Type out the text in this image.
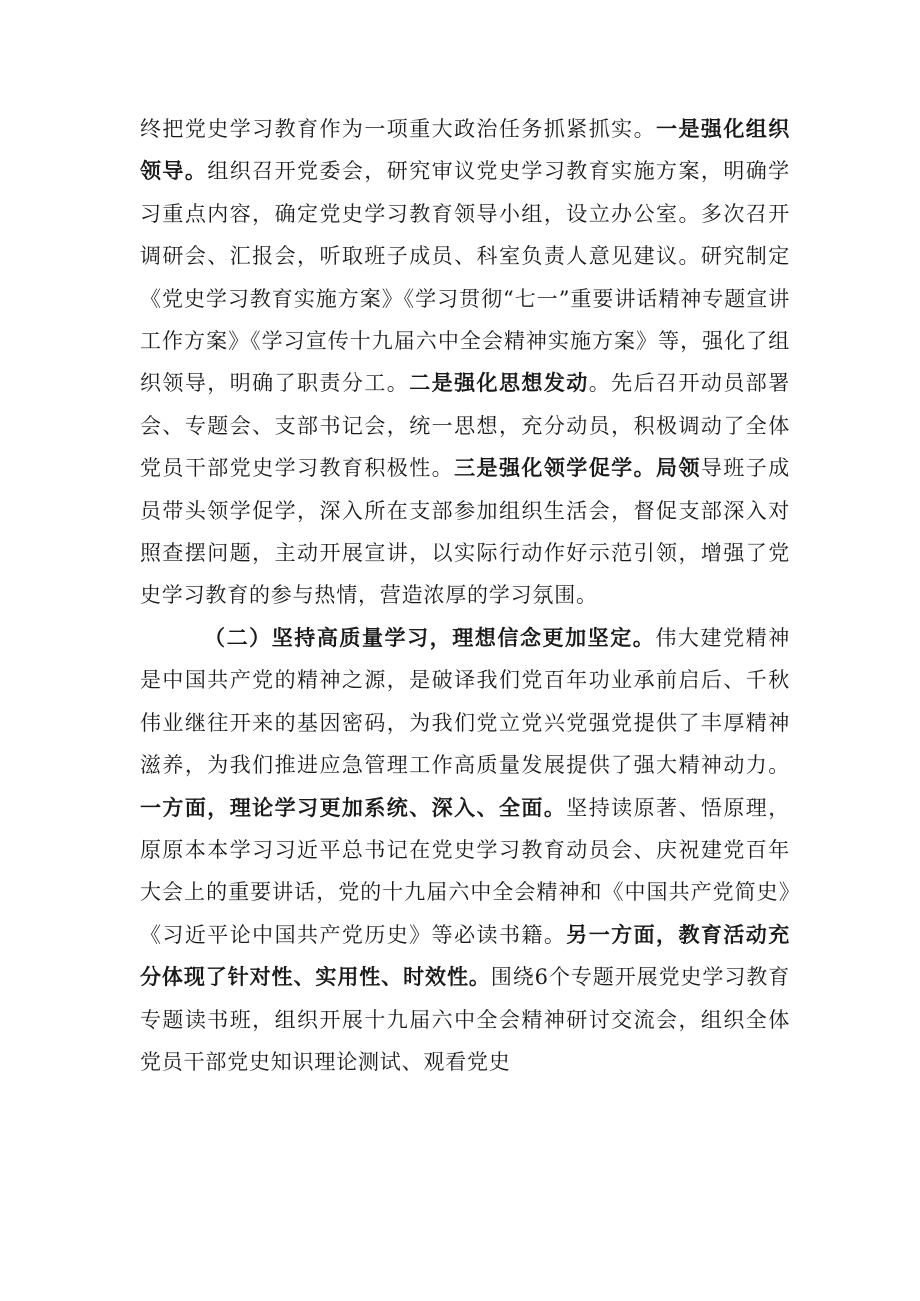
终把党史学习教育作为一项重大政治任务抓紧抓实。一是强化组织领导。组织召开党委会，研究审议党史学习教育实施方案，明确学习重点内容，确定党史学习教育领导小组，设立办公室。多次召开调研会、汇报会，听取班子成员、科室负责人意见建议。研究制定《党史学习教育实施方案》《学习贯彻“七一”重要讲话精神专题宣讲工作方案》《学习宣传十九届六中全会精神实施方案》等，强化了组织领导，明确了职责分工。二是强化思想发动。先后召开动员部署会、专题会、支部书记会，统一思想，充分动员，积极调动了全体党员干部党史学习教育积极性。三是强化领学促学。局领导班子成员带头领学促学，深入所在支部参加组织生活会，督促支部深入对照查摆问题，主动开展宣讲，以实际行动作好示范引领，增强了党史学习教育的参与热情，营造浓厚的学习氛围。

（二）坚持高质量学习，理想信念更加坚定。伟大建党精神是中国共产党的精神之源，是破译我们党百年功业承前启后、千秋伟业继往开来的基因密码，为我们党立党兴党强党提供了丰厚精神滋养，为我们推进应急管理工作高质量发展提供了强大精神动力。一方面，理论学习更加系统、深入、全面。坚持读原著、悟原理，原原本本学习习近平总书记在党史学习教育动员会、庆祝建党百年大会上的重要讲话，党的十九届六中全会精神和《中国共产党简史》《习近平论中国共产党历史》等必读书籍。另一方面，教育活动充分体现了针对性、实用性、时效性。围绕6个专题开展党史学习教育专题读书班，组织开展十九届六中全会精神研讨交流会，组织全体党员干部党史知识理论测试、观看党史
